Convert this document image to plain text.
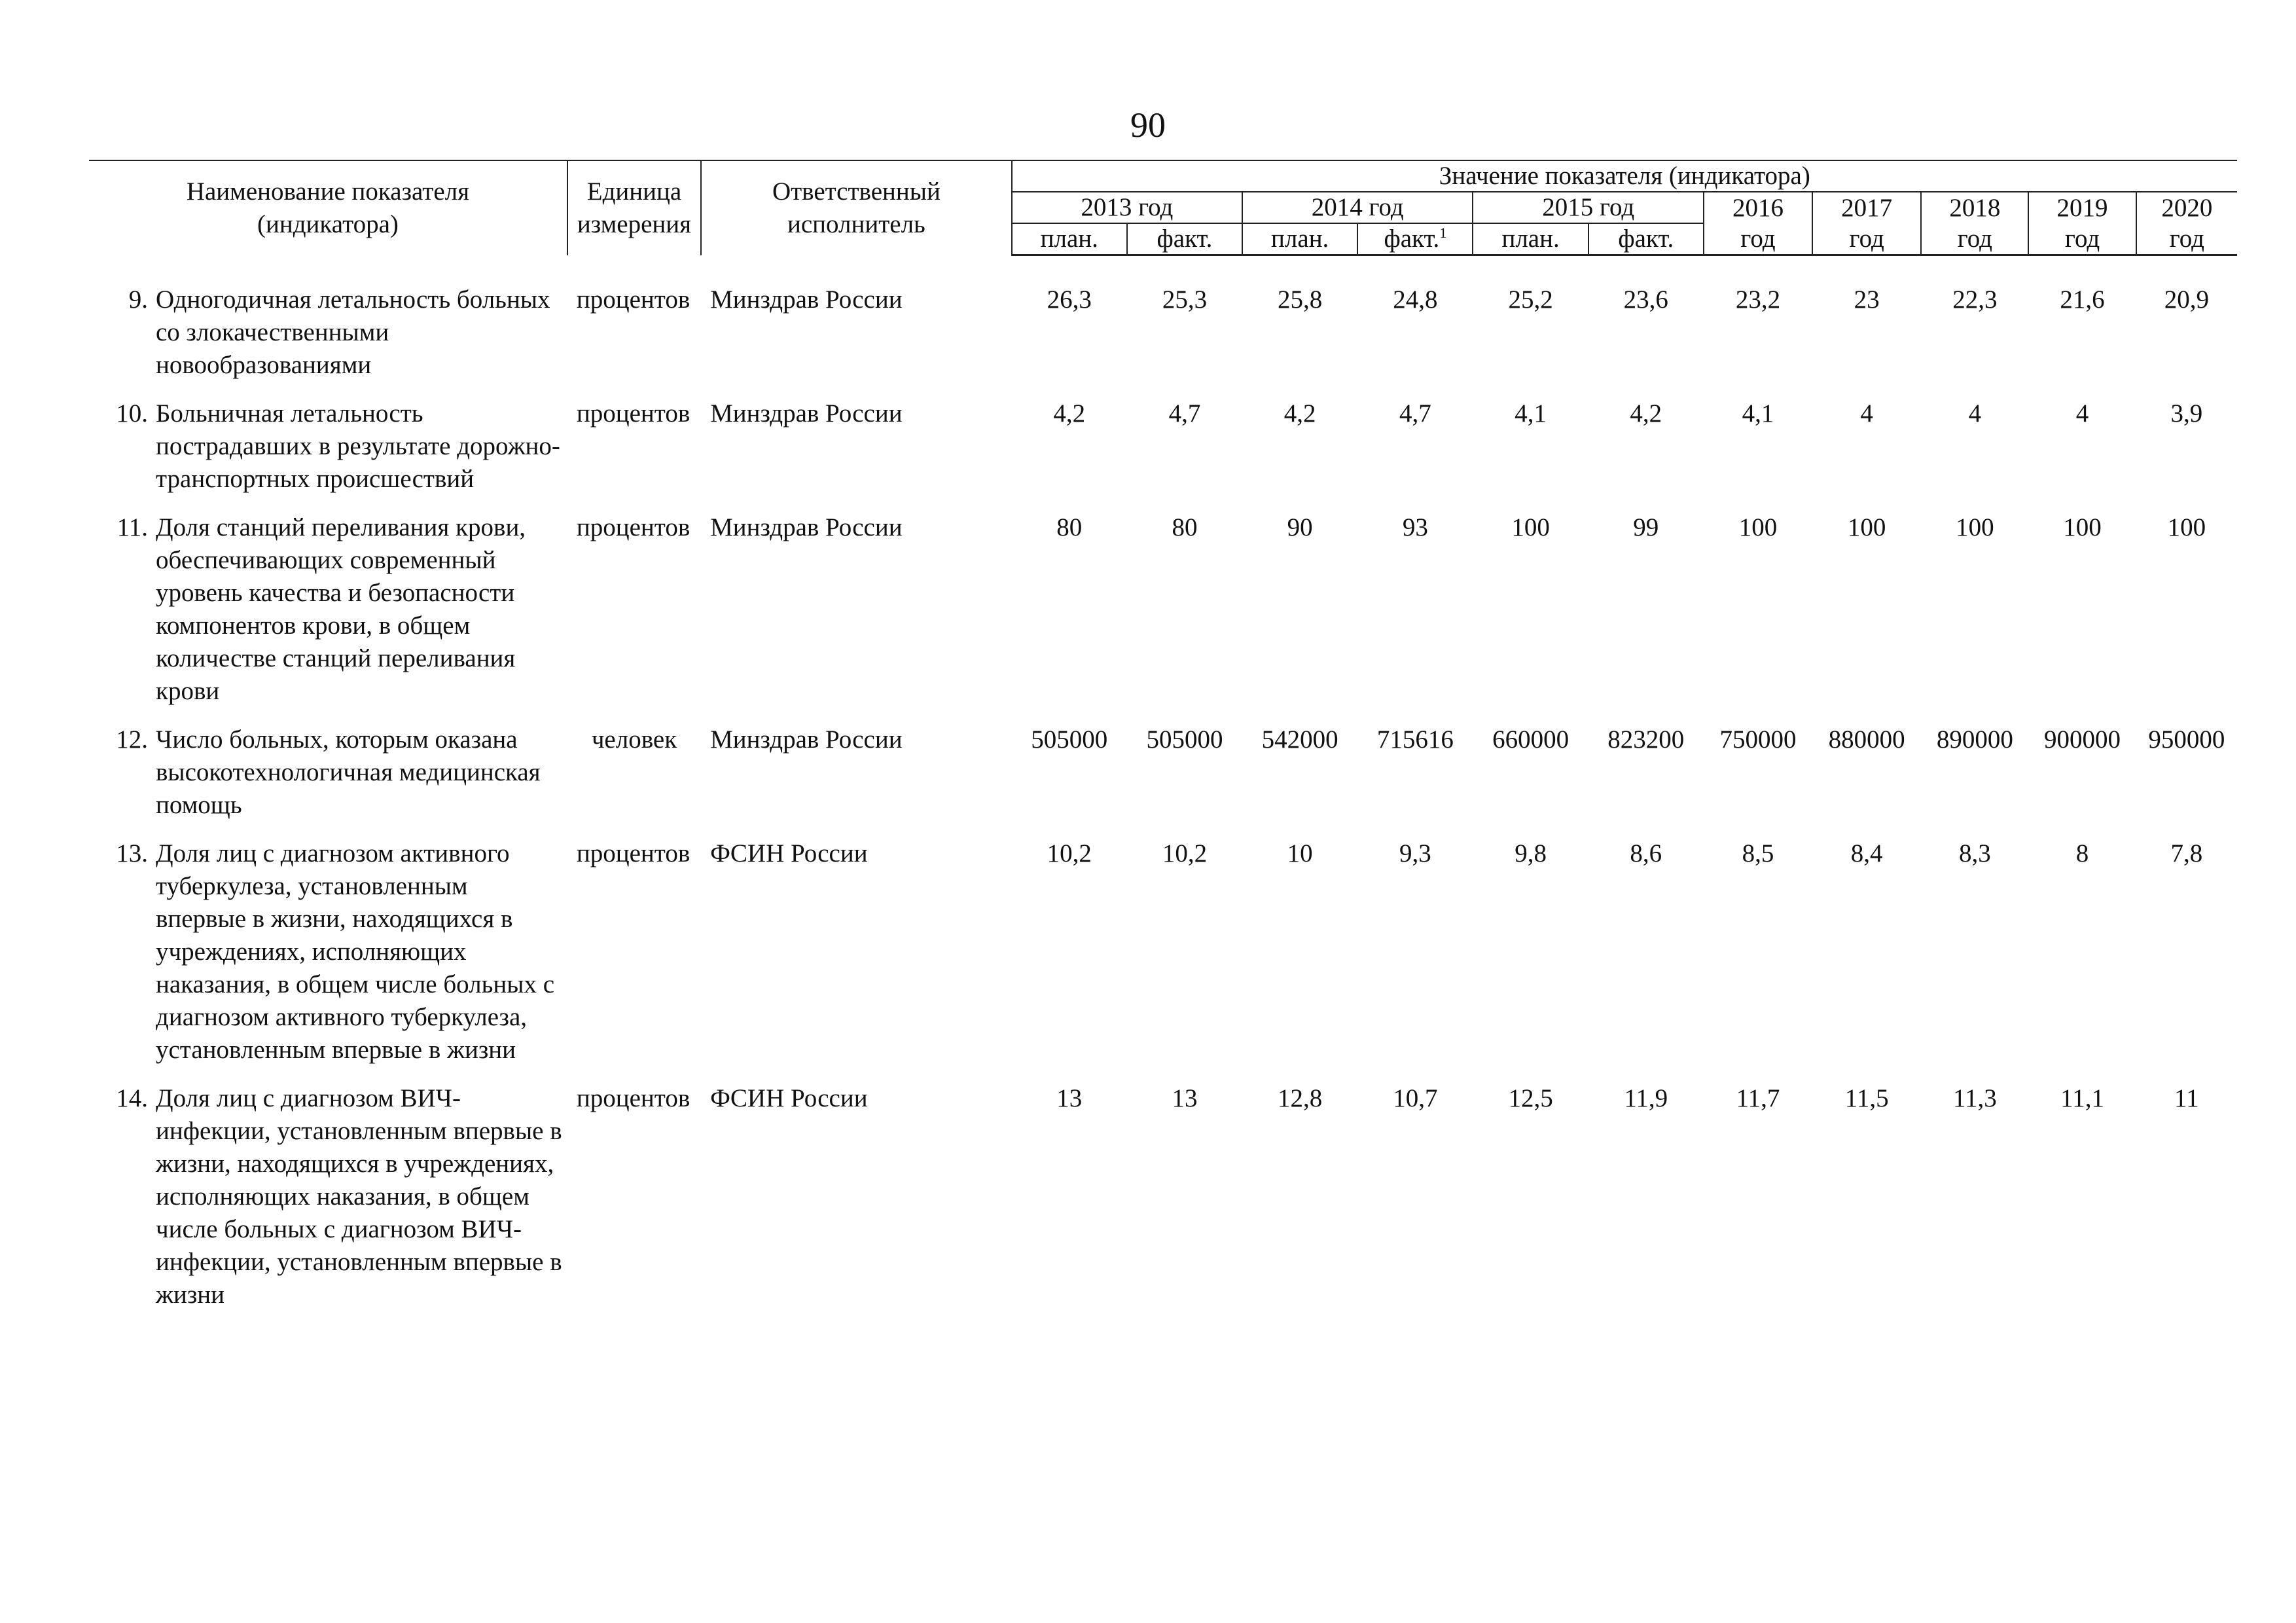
90
Наименование показателя (индикатора)	Единица измерения	Ответственный исполнитель	Значение показателя (индикатора)										
			2013 год		2014 год		2015 год		2016	2017	2018	2019	2020
			план.	факт.	план.	факт.$^1$	план.	факт.	год	год	год	год	год

9. Одногодичная летальность больных со злокачественными новообразованиями	процентов	Минздрав России	26,3	25,3	25,8	24,8	25,2	23,6	23,2	23	22,3	21,6	20,9

10. Больничная летальность пострадавших в результате дорожно-транспортных происшествий	процентов	Минздрав России	4,2	4,7	4,2	4,7	4,1	4,2	4,1	4	4	4	3,9

11. Доля станций переливания крови, обеспечивающих современный уровень качества и безопасности компонентов крови, в общем количестве станций переливания крови	процентов	Минздрав России	80	80	90	93	100	99	100	100	100	100	100

12. Число больных, которым оказана высокотехнологичная медицинская помощь	человек	Минздрав России	505000	505000	542000	715616	660000	823200	750000	880000	890000	900000	950000

13. Доля лиц с диагнозом активного туберкулеза, установленным впервые в жизни, находящихся в учреждениях, исполняющих наказания, в общем числе больных с диагнозом активного туберкулеза, установленным впервые в жизни	процентов	ФСИН России	10,2	10,2	10	9,3	9,8	8,6	8,5	8,4	8,3	8	7,8

14. Доля лиц с диагнозом ВИЧ-инфекции, установленным впервые в жизни, находящихся в учреждениях, исполняющих наказания, в общем числе больных с диагнозом ВИЧ-инфекции, установленным впервые в жизни	процентов	ФСИН России	13	13	12,8	10,7	12,5	11,9	11,7	11,5	11,3	11,1	11
